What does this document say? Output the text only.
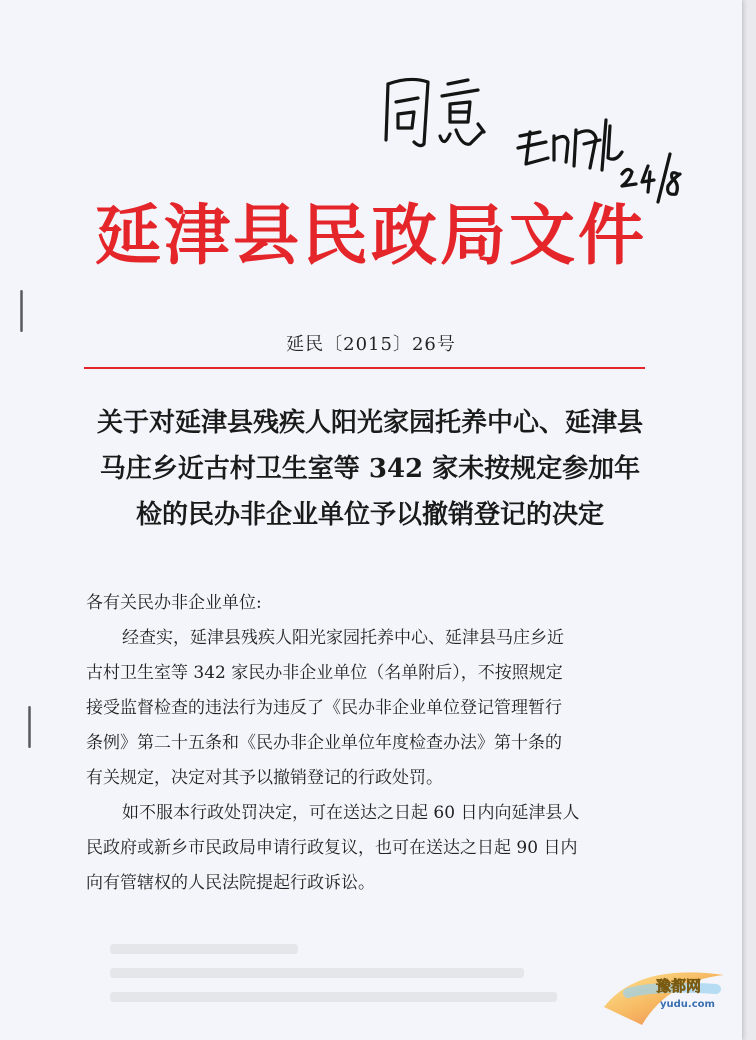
延津县民政局文件
延民〔2015〕26号
关于对延津县残疾人阳光家园托养中心、延津县
马庄乡近古村卫生室等 342 家未按规定参加年
检的民办非企业单位予以撤销登记的决定
各有关民办非企业单位:
经查实，延津县残疾人阳光家园托养中心、延津县马庄乡近
古村卫生室等 342 家民办非企业单位（名单附后），不按照规定
接受监督检查的违法行为违反了《民办非企业单位登记管理暂行
条例》第二十五条和《民办非企业单位年度检查办法》第十条的
有关规定，决定对其予以撤销登记的行政处罚。
如不服本行政处罚决定，可在送达之日起 60 日内向延津县人
民政府或新乡市民政局申请行政复议，也可在送达之日起 90 日内
向有管辖权的人民法院提起行政诉讼。
豫都网
yudu.com
